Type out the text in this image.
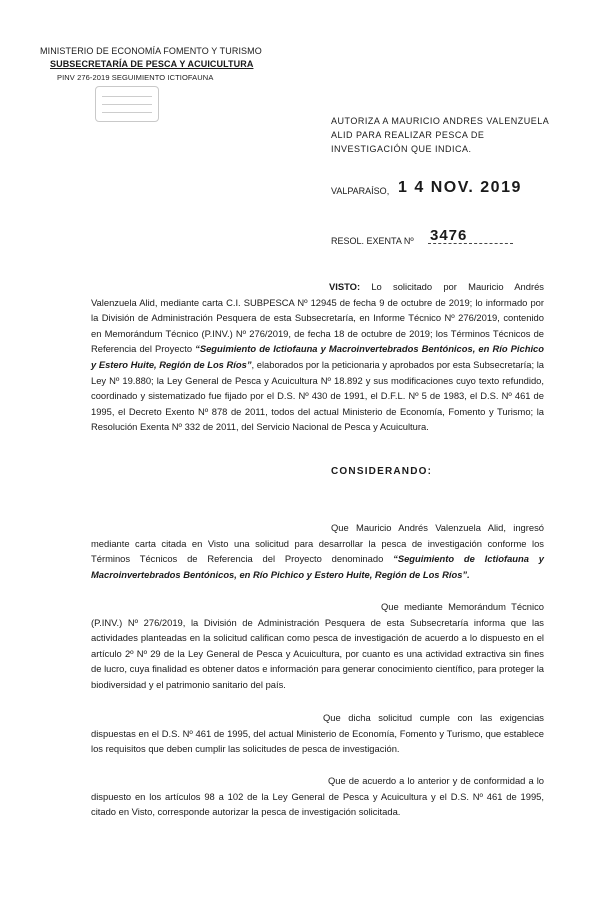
MINISTERIO DE ECONOMÍA FOMENTO Y TURISMO
SUBSECRETARÍA DE PESCA Y ACUICULTURA
PINV 276-2019 SEGUIMIENTO ICTIOFAUNA
AUTORIZA A MAURICIO ANDRES VALENZUELA ALID PARA REALIZAR PESCA DE INVESTIGACIÓN QUE INDICA.
VALPARAÍSO, 1 4 NOV. 2019
RESOL. EXENTA Nº 3476
VISTO: Lo solicitado por Mauricio Andrés Valenzuela Alid, mediante carta C.I. SUBPESCA Nº 12945 de fecha 9 de octubre de 2019; lo informado por la División de Administración Pesquera de esta Subsecretaría, en Informe Técnico Nº 276/2019, contenido en Memorándum Técnico (P.INV.) Nº 276/2019, de fecha 18 de octubre de 2019; los Términos Técnicos de Referencia del Proyecto “Seguimiento de Ictiofauna y Macroinvertebrados Bentónicos, en Río Pichico y Estero Huite, Región de Los Ríos”, elaborados por la peticionaria y aprobados por esta Subsecretaría; la Ley Nº 19.880; la Ley General de Pesca y Acuicultura Nº 18.892 y sus modificaciones cuyo texto refundido, coordinado y sistematizado fue fijado por el D.S. Nº 430 de 1991, el D.F.L. Nº 5 de 1983, el D.S. Nº 461 de 1995, el Decreto Exento Nº 878 de 2011, todos del actual Ministerio de Economía, Fomento y Turismo; la Resolución Exenta Nº 332 de 2011, del Servicio Nacional de Pesca y Acuicultura.
CONSIDERANDO:
Que Mauricio Andrés Valenzuela Alid, ingresó mediante carta citada en Visto una solicitud para desarrollar la pesca de investigación conforme los Términos Técnicos de Referencia del Proyecto denominado “Seguimiento de Ictiofauna y Macroinvertebrados Bentónicos, en Río Pichico y Estero Huite, Región de Los Ríos”.
Que mediante Memorándum Técnico (P.INV.) Nº 276/2019, la División de Administración Pesquera de esta Subsecretaría informa que las actividades planteadas en la solicitud califican como pesca de investigación de acuerdo a lo dispuesto en el artículo 2º Nº 29 de la Ley General de Pesca y Acuicultura, por cuanto es una actividad extractiva sin fines de lucro, cuya finalidad es obtener datos e información para generar conocimiento científico, para proteger la biodiversidad y el patrimonio sanitario del país.
Que dicha solicitud cumple con las exigencias dispuestas en el D.S. Nº 461 de 1995, del actual Ministerio de Economía, Fomento y Turismo, que establece los requisitos que deben cumplir las solicitudes de pesca de investigación.
Que de acuerdo a lo anterior y de conformidad a lo dispuesto en los artículos 98 a 102 de la Ley General de Pesca y Acuicultura y el D.S. Nº 461 de 1995, citado en Visto, corresponde autorizar la pesca de investigación solicitada.
